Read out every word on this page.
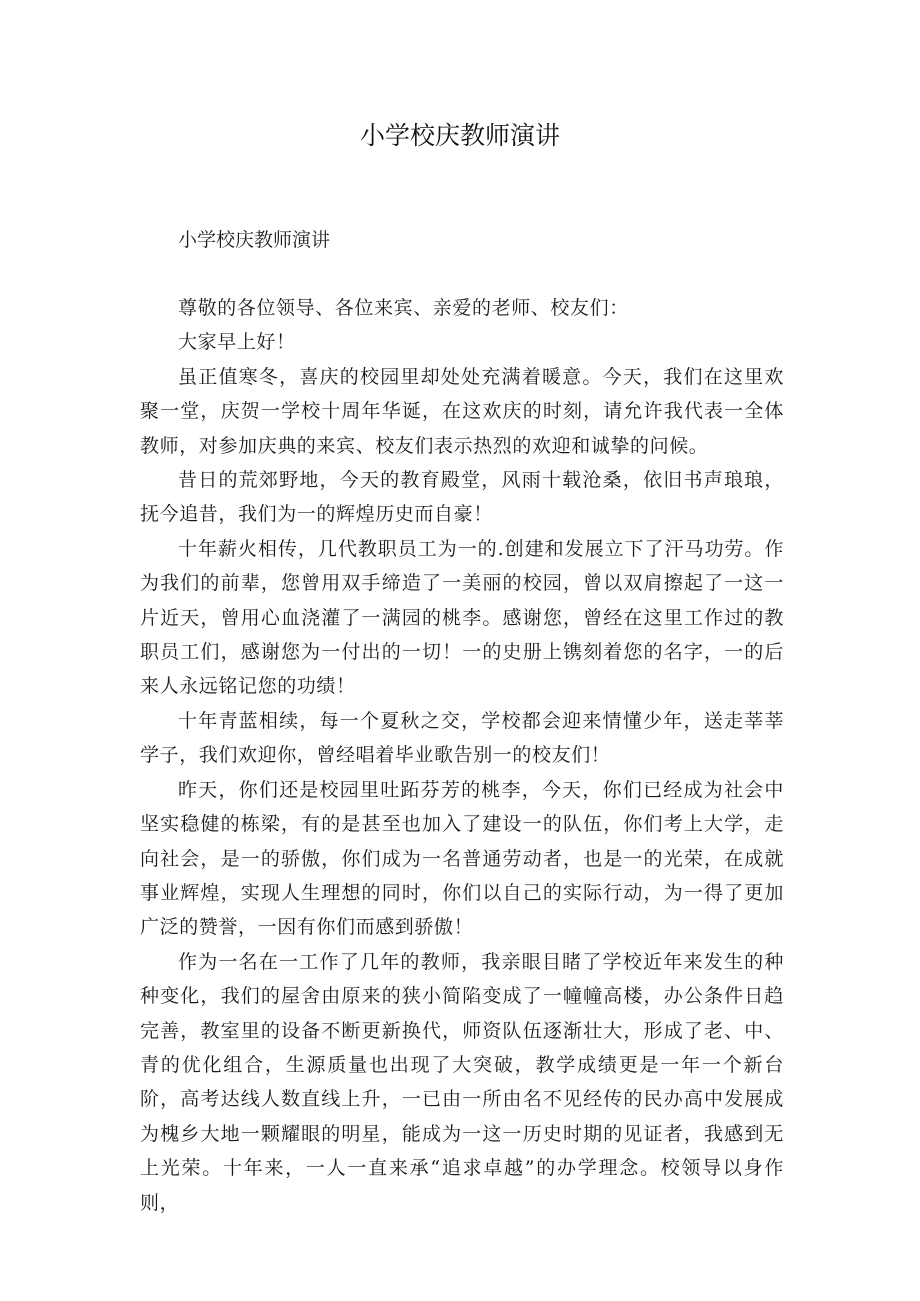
小学校庆教师演讲

小学校庆教师演讲

尊敬的各位领导、各位来宾、亲爱的老师、校友们：

大家早上好！

虽正值寒冬，喜庆的校园里却处处充满着暖意。今天，我们在这里欢聚一堂，庆贺一学校十周年华诞，在这欢庆的时刻，请允许我代表一全体教师，对参加庆典的来宾、校友们表示热烈的欢迎和诚挚的问候。

昔日的荒郊野地，今天的教育殿堂，风雨十载沧桑，依旧书声琅琅，抚今追昔，我们为一的辉煌历史而自豪！

十年薪火相传，几代教职员工为一的.创建和发展立下了汗马功劳。作为我们的前辈，您曾用双手缔造了一美丽的校园，曾以双肩擦起了一这一片近天，曾用心血浇灌了一满园的桃李。感谢您，曾经在这里工作过的教职员工们，感谢您为一付出的一切！一的史册上镌刻着您的名字，一的后来人永远铭记您的功绩！

十年青蓝相续，每一个夏秋之交，学校都会迎来情懂少年，送走莘莘学子，我们欢迎你，曾经唱着毕业歌告别一的校友们！

昨天，你们还是校园里吐跖芬芳的桃李，今天，你们已经成为社会中坚实稳健的栋梁，有的是甚至也加入了建设一的队伍，你们考上大学，走向社会，是一的骄傲，你们成为一名普通劳动者，也是一的光荣，在成就事业辉煌，实现人生理想的同时，你们以自己的实际行动，为一得了更加广泛的赞誉，一因有你们而感到骄傲！

作为一名在一工作了几年的教师，我亲眼目睹了学校近年来发生的种种变化，我们的屋舍由原来的狭小简陷变成了一幢幢高楼，办公条件日趋完善，教室里的设备不断更新换代，师资队伍逐渐壮大，形成了老、中、青的优化组合，生源质量也出现了大突破，教学成绩更是一年一个新台阶，高考达线人数直线上升，一已由一所由名不见经传的民办高中发展成为槐乡大地一颗耀眼的明星，能成为一这一历史时期的见证者，我感到无上光荣。十年来，一人一直来承“追求卓越”的办学理念。校领导以身作则，
